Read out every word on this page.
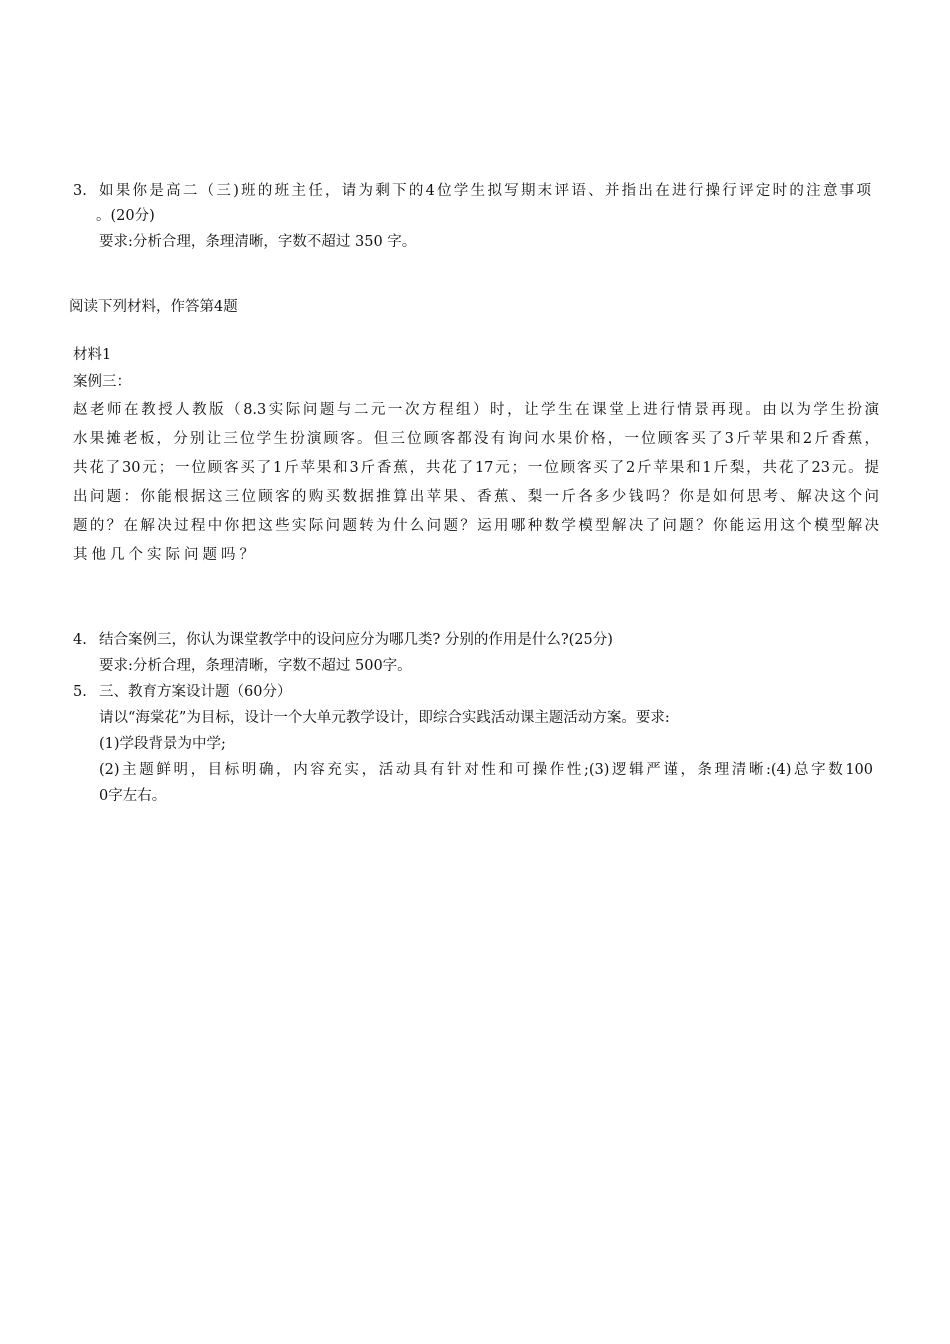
3. 如果你是高二（三)班的班主任，请为剩下的4位学生拟写期末评语、并指出在进行操行评定时的注意事项
。(20分)
要求:分析合理，条理清晰，字数不超过 350 字。
阅读下列材料，作答第4题
材料1
案例三：
赵老师在教授人教版（8.3实际问题与二元一次方程组）时，让学生在课堂上进行情景再现。由以为学生扮演
水果摊老板，分别让三位学生扮演顾客。但三位顾客都没有询问水果价格，一位顾客买了3斤苹果和2斤香蕉，
共花了30元；一位顾客买了1斤苹果和3斤香蕉，共花了17元；一位顾客买了2斤苹果和1斤梨，共花了23元。提
出问题：你能根据这三位顾客的购买数据推算出苹果、香蕉、梨一斤各多少钱吗？你是如何思考、解决这个问
题的？在解决过程中你把这些实际问题转为什么问题？运用哪种数学模型解决了问题？你能运用这个模型解决
其他几个实际问题吗？
4. 结合案例三，你认为课堂教学中的设问应分为哪几类? 分别的作用是什么?(25分)
要求:分析合理，条理清晰，字数不超过 500字。
5. 三、教育方案设计题（60分）
请以“海棠花”为目标，设计一个大单元教学设计，即综合实践活动课主题活动方案。要求:
(1)学段背景为中学;
(2)主题鲜明，目标明确，内容充实，活动具有针对性和可操作性;(3)逻辑严谨，条理清晰:(4)总字数100
0字左右。
